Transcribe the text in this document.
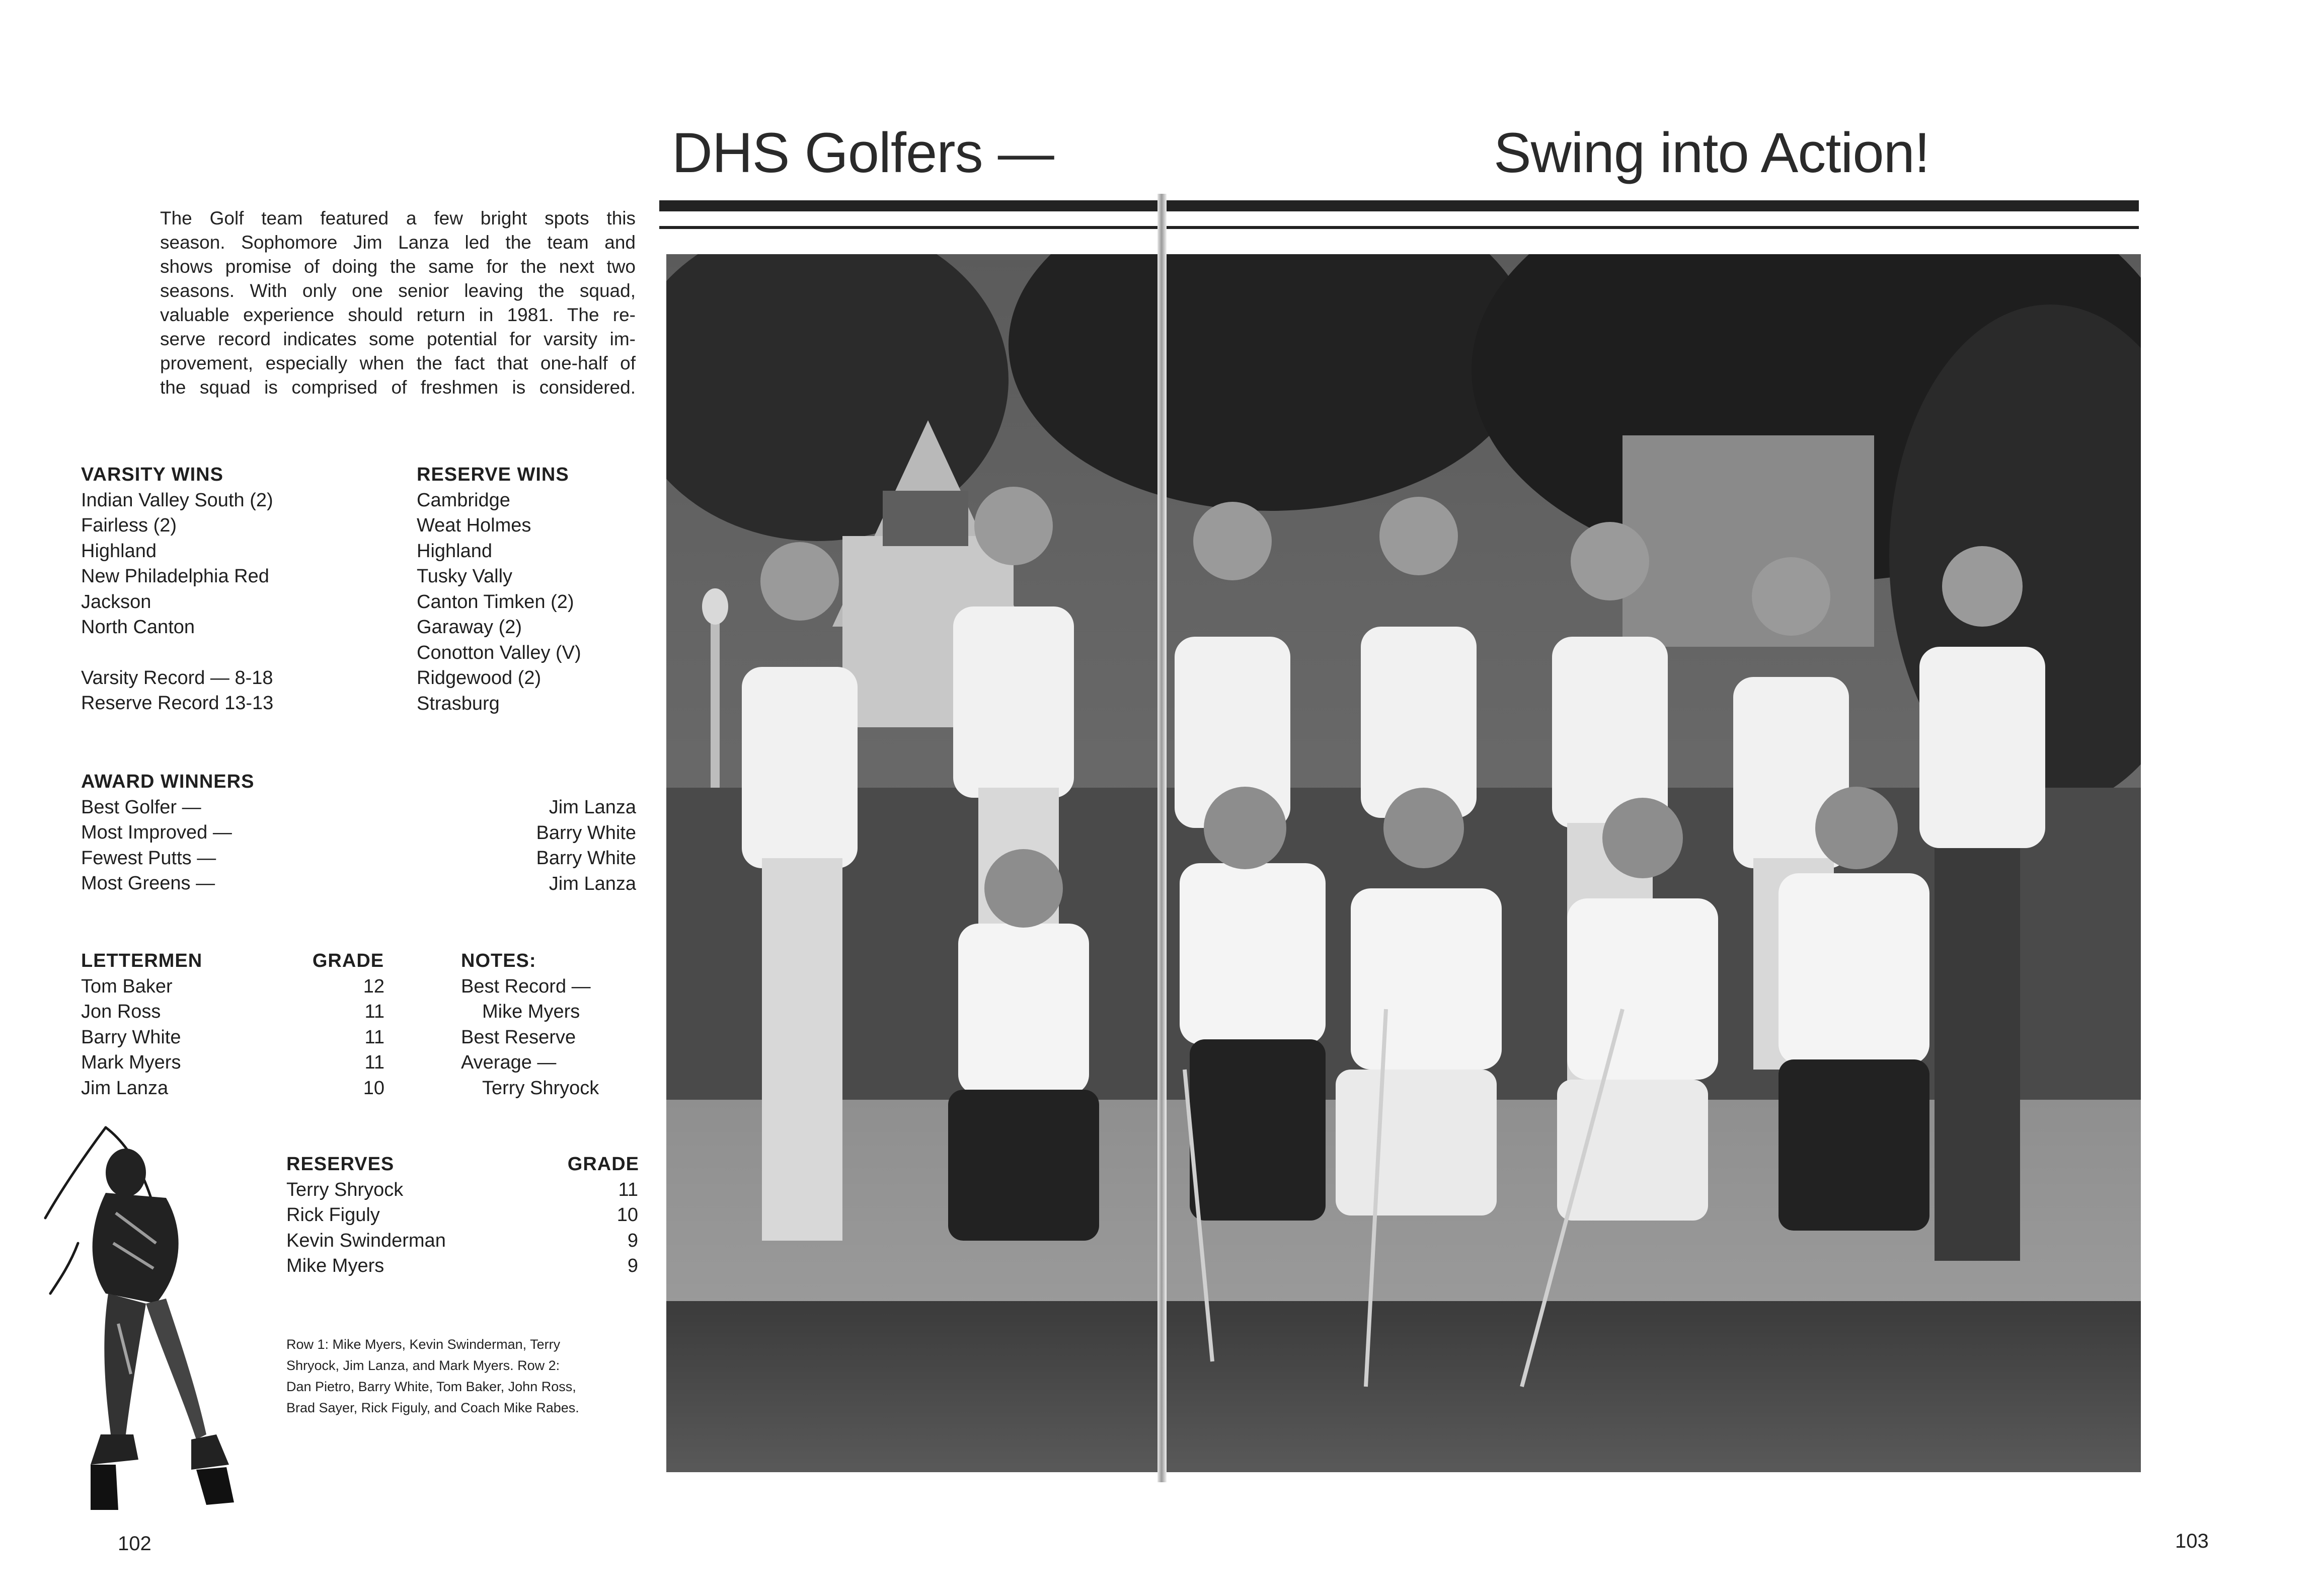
DHS Golfers —	Swing into Action!
The Golf team featured a few bright spots this
season. Sophomore Jim Lanza led the team and
shows promise of doing the same for the next two
seasons. With only one senior leaving the squad,
valuable experience should return in 1981. The re-
serve record indicates some potential for varsity im-
provement, especially when the fact that one-half of
the squad is comprised of freshmen is considered.
VARSITY WINS
Indian Valley South (2)
Fairless (2)
Highland
New Philadelphia Red
Jackson
North Canton
Varsity Record — 8-18
Reserve Record 13-13
RESERVE WINS
Cambridge
Weat Holmes
Highland
Tusky Vally
Canton Timken (2)
Garaway (2)
Conotton Valley (V)
Ridgewood (2)
Strasburg
AWARD WINNERS
Best Golfer —
Most Improved —
Fewest Putts —
Most Greens —
Jim Lanza
Barry White
Barry White
Jim Lanza
LETTERMEN
Tom Baker
Jon Ross
Barry White
Mark Myers
Jim Lanza
GRADE
12
11
11
11
10
NOTES:
Best Record —
Mike Myers
Best Reserve
Average —
Terry Shryock
RESERVES
Terry Shryock
Rick Figuly
Kevin Swinderman
Mike Myers
GRADE
11
10
9
9
Row 1: Mike Myers, Kevin Swinderman, Terry
Shryock, Jim Lanza, and Mark Myers. Row 2:
Dan Pietro, Barry White, Tom Baker, John Ross,
Brad Sayer, Rick Figuly, and Coach Mike Rabes.
102	103
